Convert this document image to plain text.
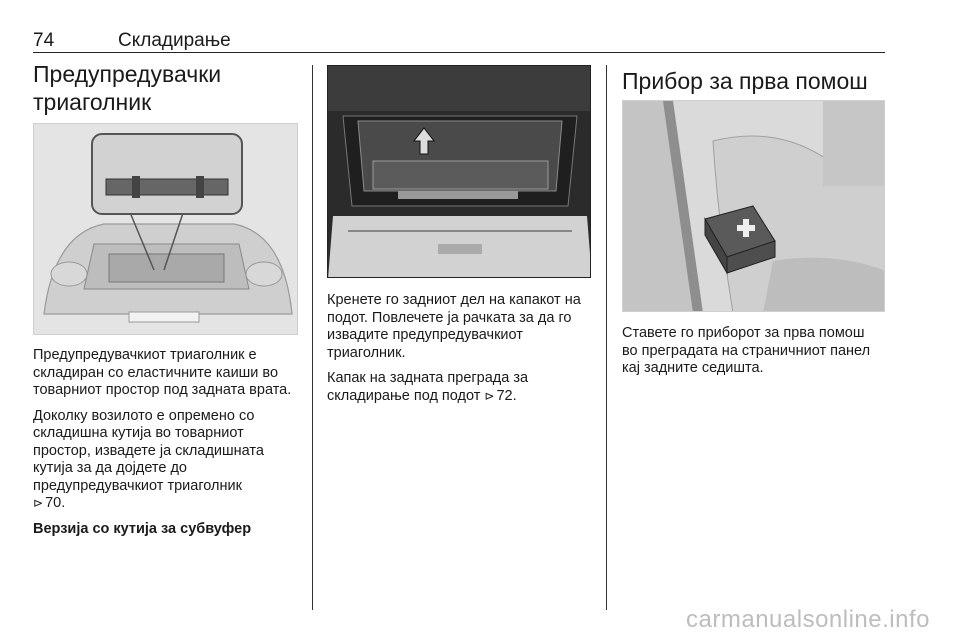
74	Складирање
Предупредувачки триаголник

Предупредувачкиот триаголник е складиран со еластичните каиши во товарниот простор под задната врата.

Доколку возилото е опремено со складишна кутија во товарниот простор, извадете ја складишната кутија за да дојдете до предупредувачкиот триаголник

⊳ 70.

Верзија со кутија за субвуфер

Кренете го задниот дел на капакот на подот. Повлечете ја рачката за да го извадите предупредувачкиот триаголник.

Капак на задната преграда за складирање под подот ⊳ 72.

Прибор за прва помош

Ставете го приборот за прва помош во преградата на страничниот панел кај задните седишта.

carmanualsonline.info
